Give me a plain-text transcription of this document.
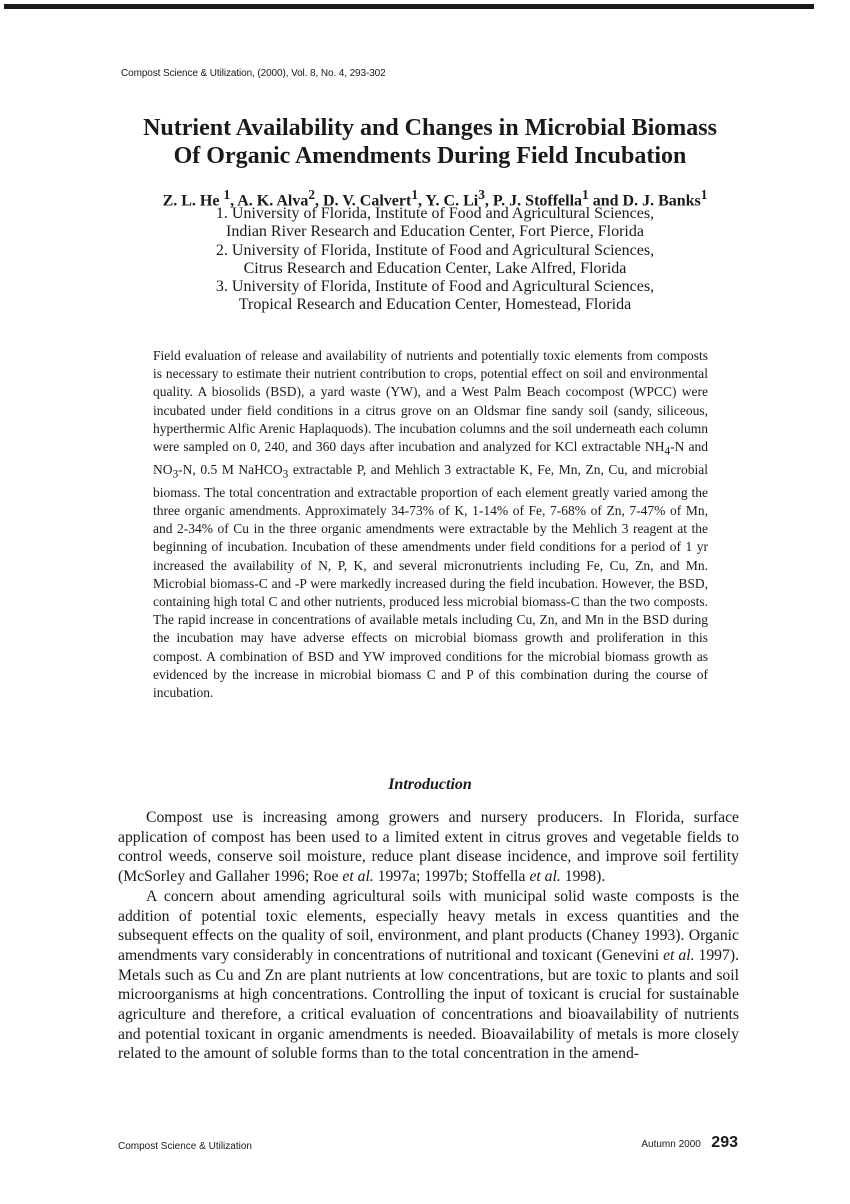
Compost Science & Utilization, (2000), Vol. 8, No. 4, 293-302
Nutrient Availability and Changes in Microbial Biomass
Of Organic Amendments During Field Incubation
Z. L. He $^1$, A. K. Alva$^2$, D. V. Calvert$^1$, Y. C. Li$^3$, P. J. Stoffella$^1$ and D. J. Banks$^1$
1. University of Florida, Institute of Food and Agricultural Sciences,
Indian River Research and Education Center, Fort Pierce, Florida
2. University of Florida, Institute of Food and Agricultural Sciences,
Citrus Research and Education Center, Lake Alfred, Florida
3. University of Florida, Institute of Food and Agricultural Sciences,
Tropical Research and Education Center, Homestead, Florida
Field evaluation of release and availability of nutrients and potentially toxic elements from composts is necessary to estimate their nutrient contribution to crops, potential effect on soil and environmental quality. A biosolids (BSD), a yard waste (YW), and a West Palm Beach cocompost (WPCC) were incubated under field conditions in a citrus grove on an Oldsmar fine sandy soil (sandy, siliceous, hyperthermic Alfic Arenic Haplaquods). The incubation columns and the soil underneath each column were sampled on 0, 240, and 360 days after incubation and analyzed for KCl extractable $NH_4-N$ and $NO_3-N$, 0.5 M NaHCO$_3$ extractable P, and Mehlich 3 extractable K, Fe, Mn, Zn, Cu, and microbial biomass. The total concentration and extractable proportion of each element greatly varied among the three organic amendments. Approximately 34-73% of K, 1-14% of Fe, 7-68% of Zn, 7-47% of Mn, and 2-34% of Cu in the three organic amendments were extractable by the Mehlich 3 reagent at the beginning of incubation. Incubation of these amendments under field conditions for a period of 1 yr increased the availability of N, P, K, and several micronutrients including Fe, Cu, Zn, and Mn. Microbial biomass-C and -P were markedly increased during the field incubation. However, the BSD, containing high total C and other nutrients, produced less microbial biomass-C than the two composts. The rapid increase in concentrations of available metals including Cu, Zn, and Mn in the BSD during the incubation may have adverse effects on microbial biomass growth and proliferation in this compost. A combination of BSD and YW improved conditions for the microbial biomass growth as evidenced by the increase in microbial biomass C and P of this combination during the course of incubation.
Introduction

Compost use is increasing among growers and nursery producers. In Florida, surface application of compost has been used to a limited extent in citrus groves and vegetable fields to control weeds, conserve soil moisture, reduce plant disease incidence, and improve soil fertility (McSorley and Gallaher 1996; Roe et al. 1997a; 1997b; Stoffella et al. 1998).

A concern about amending agricultural soils with municipal solid waste composts is the addition of potential toxic elements, especially heavy metals in excess quantities and the subsequent effects on the quality of soil, environment, and plant products (Chaney 1993). Organic amendments vary considerably in concentrations of nutritional and toxicant (Genevini et al. 1997). Metals such as Cu and Zn are plant nutrients at low concentrations, but are toxic to plants and soil microorganisms at high concentrations. Controlling the input of toxicant is crucial for sustainable agriculture and therefore, a critical evaluation of concentrations and bioavailability of nutrients and potential toxicant in organic amendments is needed. Bioavailability of metals is more closely related to the amount of soluble forms than to the total concentration in the amend-

Compost Science & Utilization	Autumn 2000 293
